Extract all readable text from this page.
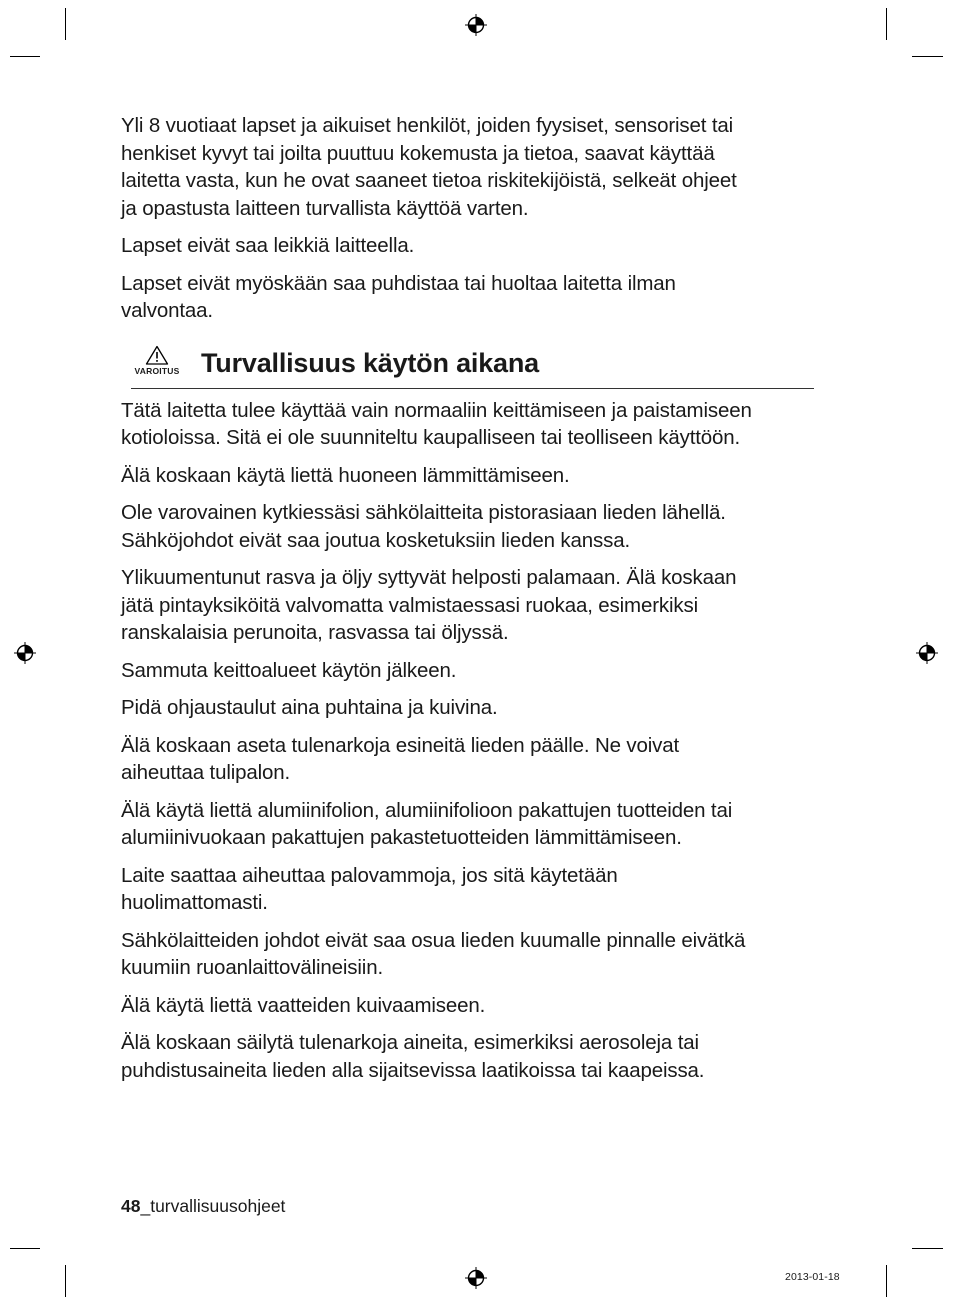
Yli 8 vuotiaat lapset ja aikuiset henkilöt, joiden fyysiset, sensoriset tai
henkiset kyvyt tai joilta puuttuu kokemusta ja tietoa, saavat käyttää
laitetta vasta, kun he ovat saaneet tietoa riskitekijöistä, selkeät ohjeet
ja opastusta laitteen turvallista käyttöä varten.

Lapset eivät saa leikkiä laitteella.

Lapset eivät myöskään saa puhdistaa tai huoltaa laitetta ilman
valvontaa.

VAROITUS Turvallisuus käytön aikana

Tätä laitetta tulee käyttää vain normaaliin keittämiseen ja paistamiseen
kotioloissa. Sitä ei ole suunniteltu kaupalliseen tai teolliseen käyttöön.

Älä koskaan käytä liettä huoneen lämmittämiseen.

Ole varovainen kytkiessäsi sähkölaitteita pistorasiaan lieden lähellä.
Sähköjohdot eivät saa joutua kosketuksiin lieden kanssa.

Ylikuumentunut rasva ja öljy syttyvät helposti palamaan. Älä koskaan
jätä pintayksiköitä valvomatta valmistaessasi ruokaa, esimerkiksi
ranskalaisia perunoita, rasvassa tai öljyssä.

Sammuta keittoalueet käytön jälkeen.

Pidä ohjaustaulut aina puhtaina ja kuivina.

Älä koskaan aseta tulenarkoja esineitä lieden päälle. Ne voivat
aiheuttaa tulipalon.

Älä käytä liettä alumiinifolion, alumiinifolioon pakattujen tuotteiden tai
alumiinivuokaan pakattujen pakastetuotteiden lämmittämiseen.

Laite saattaa aiheuttaa palovammoja, jos sitä käytetään
huolimattomasti.

Sähkölaitteiden johdot eivät saa osua lieden kuumalle pinnalle eivätkä
kuumiin ruoanlaittovälineisiin.

Älä käytä liettä vaatteiden kuivaamiseen.

Älä koskaan säilytä tulenarkoja aineita, esimerkiksi aerosoleja tai
puhdistusaineita lieden alla sijaitsevissa laatikoissa tai kaapeissa.

48_turvallisuusohjeet
2013-01-18
